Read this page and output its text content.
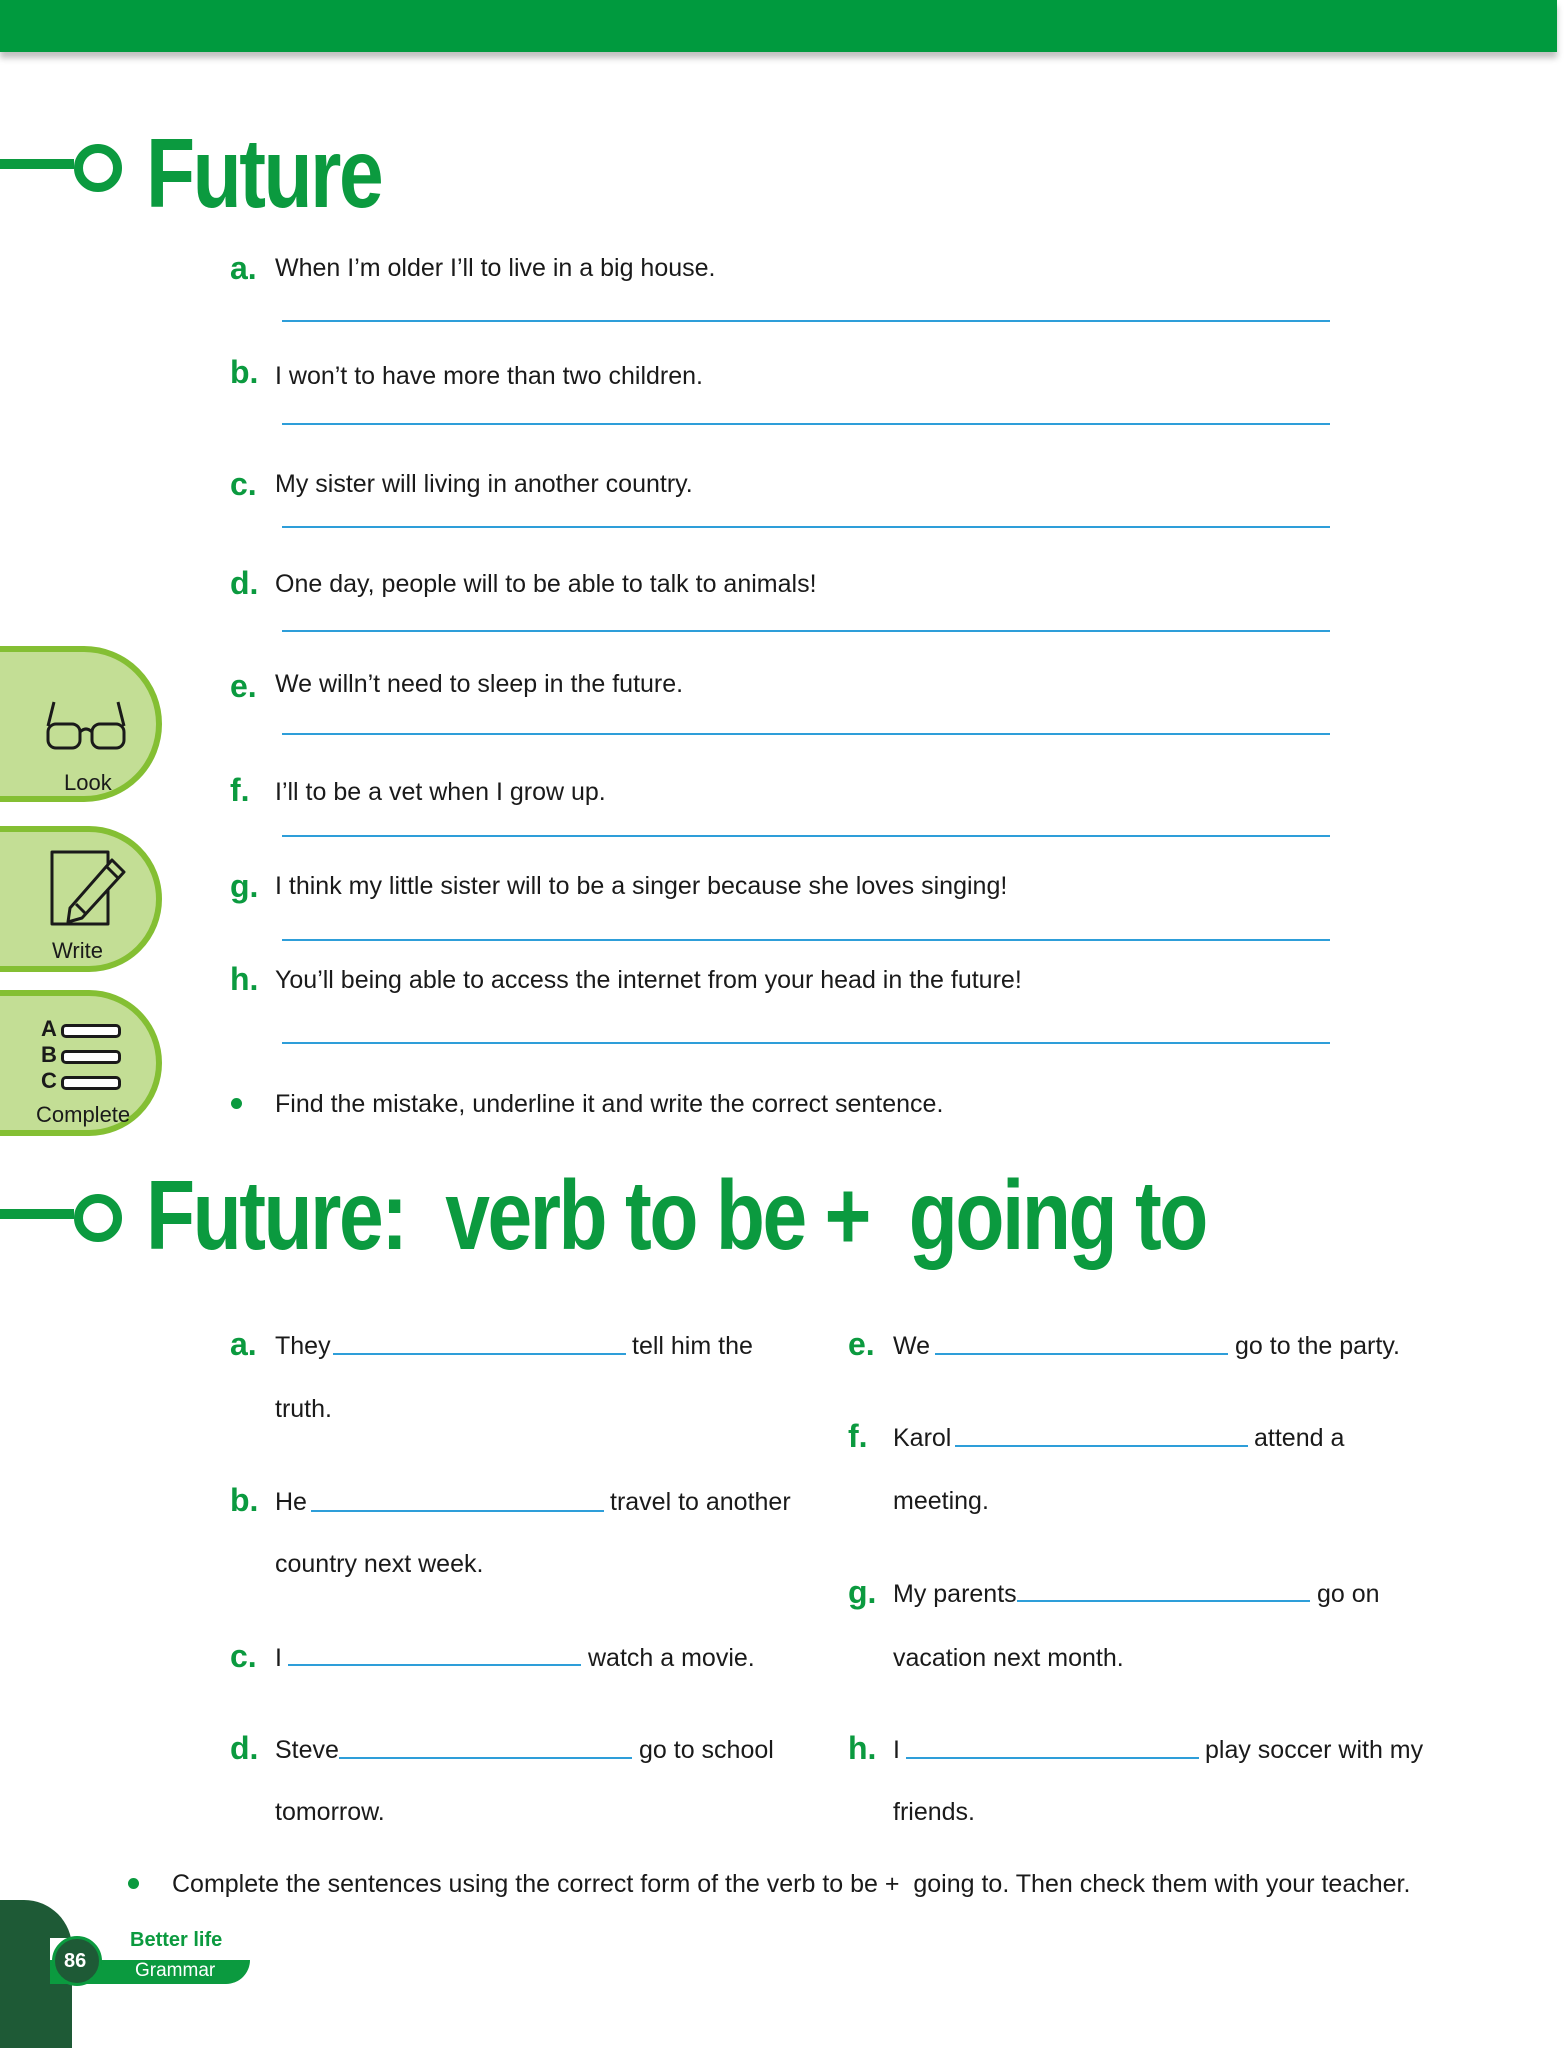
Future
a. When I’m older I’ll to live in a big house.
b. I won’t to have more than two children.
c. My sister will living in another country.
d. One day, people will to be able to talk to animals!
e. We willn’t need to sleep in the future.
f. I’ll to be a vet when I grow up.
g. I think my little sister will to be a singer because she loves singing!
h. You’ll being able to access the internet from your head in the future!
Find the mistake, underline it and write the correct sentence.
Look
Write
A
B
C
Complete
Future:  verb to be +  going to
a. They	tell him the
truth.
b. He	travel to another
country next week.
c. I	watch a movie.
d. Steve	go to school
tomorrow.
e. We	go to the party.
f. Karol	attend a
meeting.
g. My parents	go on
vacation next month.
h. I	play soccer with my
friends.
Complete the sentences using the correct form of the verb to be +  going to. Then check them with your teacher.
86
Better life
Grammar
